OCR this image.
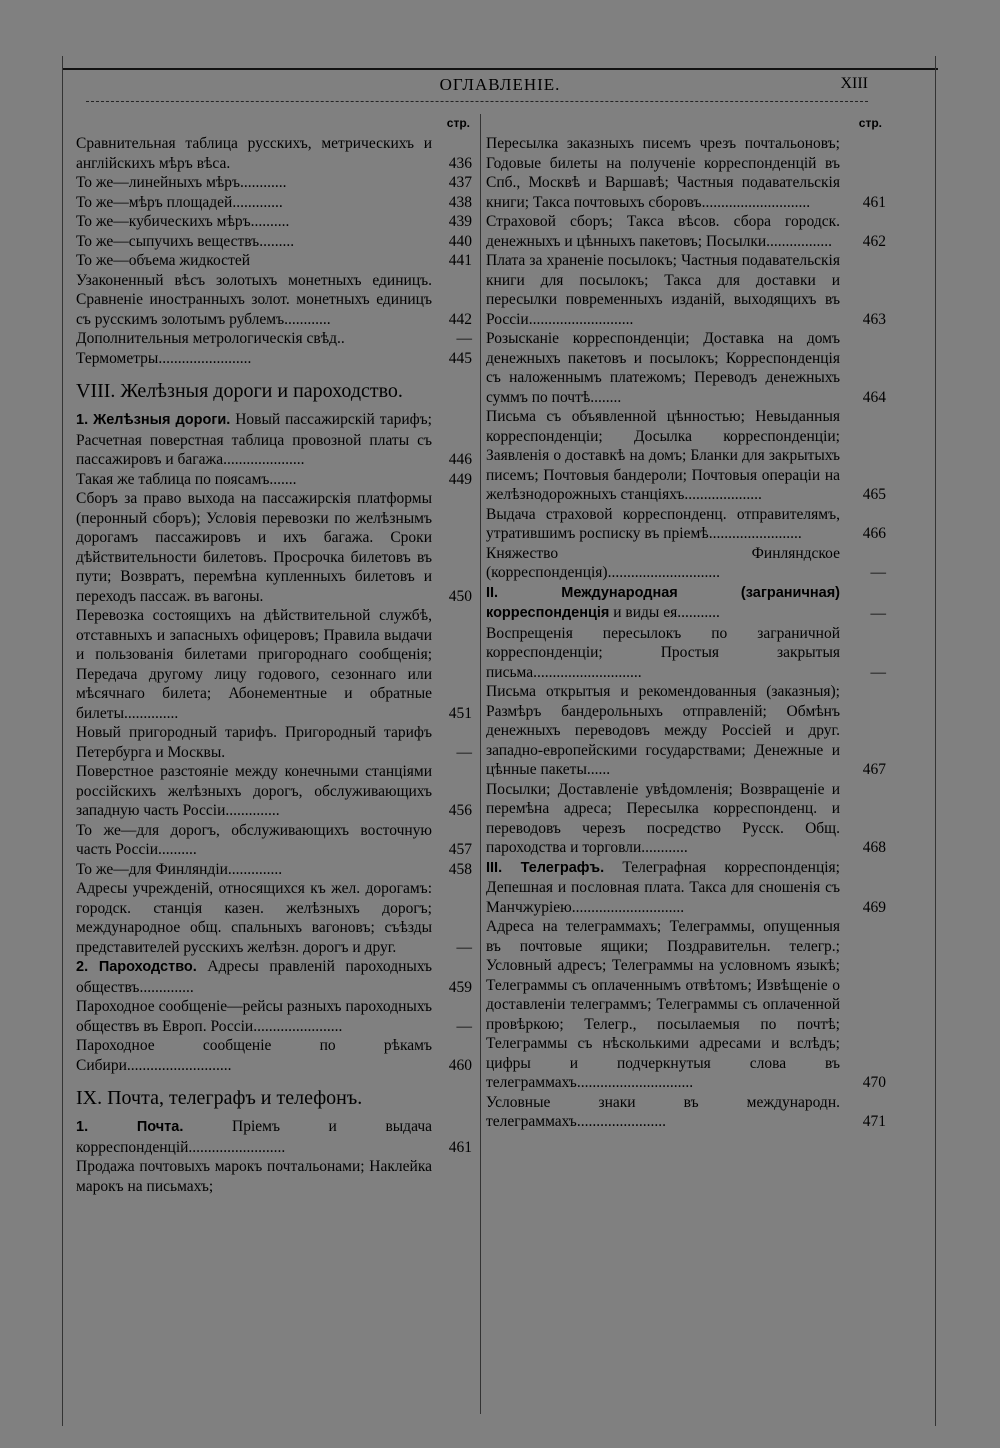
ОГЛАВЛЕНІЕ.	XIII
стр.
Сравнительная таблица русскихъ, метрическихъ и англійскихъ мѣръ вѣса.	436
То же—линейныхъ мѣръ............	437
То же—мѣръ площадей.............	438
То же—кубическихъ мѣръ..........	439
То же—сыпучихъ веществъ.........	440
То же—объема жидкостей	441
Узаконенный вѣсъ золотыхъ монетныхъ единицъ. Сравненіе иностранныхъ золот. монетныхъ единицъ съ русскимъ золотымъ рублемъ............	442
Дополнительныя метрологическія свѣд..	—
Термометры........................	445
VIII. Желѣзныя дороги и пароходство.
1. Желѣзныя дороги. Новый пассажирскій тарифъ; Расчетная поверстная таблица провозной платы съ пассажировъ и багажа.....................	446
Такая же таблица по поясамъ.......	449
Сборъ за право выхода на пассажирскія платформы (перонный сборъ); Условія перевозки по желѣзнымъ дорогамъ пассажировъ и ихъ багажа. Сроки дѣйствительности билетовъ. Просрочка билетовъ въ пути; Возвратъ, перемѣна купленныхъ билетовъ и переходъ пассаж. въ вагоны.	450
Перевозка состоящихъ на дѣйствительной службѣ, отставныхъ и запасныхъ офицеровъ; Правила выдачи и пользованія билетами пригороднаго сообщенія; Передача другому лицу годового, сезоннаго или мѣсячнаго билета; Абонементные и обратные билеты..............	451
Новый пригородный тарифъ. Пригородный тарифъ Петербурга и Москвы.	—
Поверстное разстояніе между конечными станціями россійскихъ желѣзныхъ дорогъ, обслуживающихъ западную часть Россіи..............	456
То же—для дорогъ, обслуживающихъ восточную часть Россіи..........	457
То же—для Финляндіи..............	458
Адресы учрежденій, относящихся къ жел. дорогамъ: городск. станція казен. желѣзныхъ дорогъ; международное общ. спальныхъ вагоновъ; съѣзды представителей русскихъ желѣзн. дорогъ и друг.	—
2. Пароходство. Адресы правленій пароходныхъ обществъ..............	459
Пароходное сообщеніе—рейсы разныхъ пароходныхъ обществъ въ Европ. Россіи.......................	—
Пароходное сообщеніе по рѣкамъ Сибири...........................	460
IX. Почта, телеграфъ и телефонъ.
1. Почта.	Пріемъ и выдача корреспонденцій.........................	461
Продажа почтовыхъ марокъ почтальонами; Наклейка марокъ на письмахъ;
стр.
Пересылка заказныхъ писемъ чрезъ почтальоновъ; Годовые билеты на полученіе корреспонденцій въ Спб., Москвѣ и Варшавѣ; Частныя подавательскія книги; Такса почтовыхъ сборовъ............................	461
Страховой сборъ; Такса вѣсов. сбора городск. денежныхъ и цѣнныхъ пакетовъ; Посылки.................	462
Плата за храненіе посылокъ; Частныя подавательскія книги для посылокъ; Такса для доставки и пересылки повременныхъ изданій, выходящихъ въ Россіи...........................	463
Розысканіе корреспонденціи; Доставка на домъ денежныхъ пакетовъ и посылокъ; Корреспонденція съ наложеннымъ платежомъ; Переводъ денежныхъ суммъ по почтѣ........	464
Письма съ объявленной цѣнностью; Невыданныя корреспонденціи; Досылка корреспонденціи; Заявленія о доставкѣ на домъ; Бланки для закрытыхъ писемъ; Почтовыя бандероли; Почтовыя операціи на желѣзнодорожныхъ станціяхъ....................	465
Выдача страховой корреспонденц. отправителямъ, утратившимъ росписку въ пріемѣ........................	466
Княжество Финляндское (корреспонденція).............................	—
II. Международная (заграничная) корреспонденція и виды ея...........	—
Воспрещенія пересылокъ по заграничной корреспонденціи; Простыя закрытыя письма............................	—
Письма открытыя и рекомендованныя (заказныя); Размѣръ бандерольныхъ отправленій; Обмѣнъ денежныхъ переводовъ между Россіей и друг. западно-европейскими государствами; Денежные и цѣнные пакеты......	467
Посылки; Доставленіе увѣдомленія; Возвращеніе и перемѣна адреса; Пересылка корреспонденц. и переводовъ черезъ посредство Русск. Общ. пароходства и торговли............	468
III. Телеграфъ. Телеграфная корреспонденція; Депешная и пословная плата. Такса для сношенія съ Манчжуріею.............................	469
Адреса на телеграммахъ; Телеграммы, опущенныя въ почтовые ящики; Поздравительн. телегр.; Условный адресъ; Телеграммы на условномъ языкѣ; Телеграммы съ оплаченнымъ отвѣтомъ; Извѣщеніе о доставленіи телеграммъ; Телеграммы съ оплаченной провѣркою; Телегр., посылаемыя по почтѣ; Телеграммы съ нѣсколькими адресами и вслѣдъ; цифры и подчеркнутыя слова въ телеграммахъ..............................	470
Условные знаки въ международн. телеграммахъ.......................	471
